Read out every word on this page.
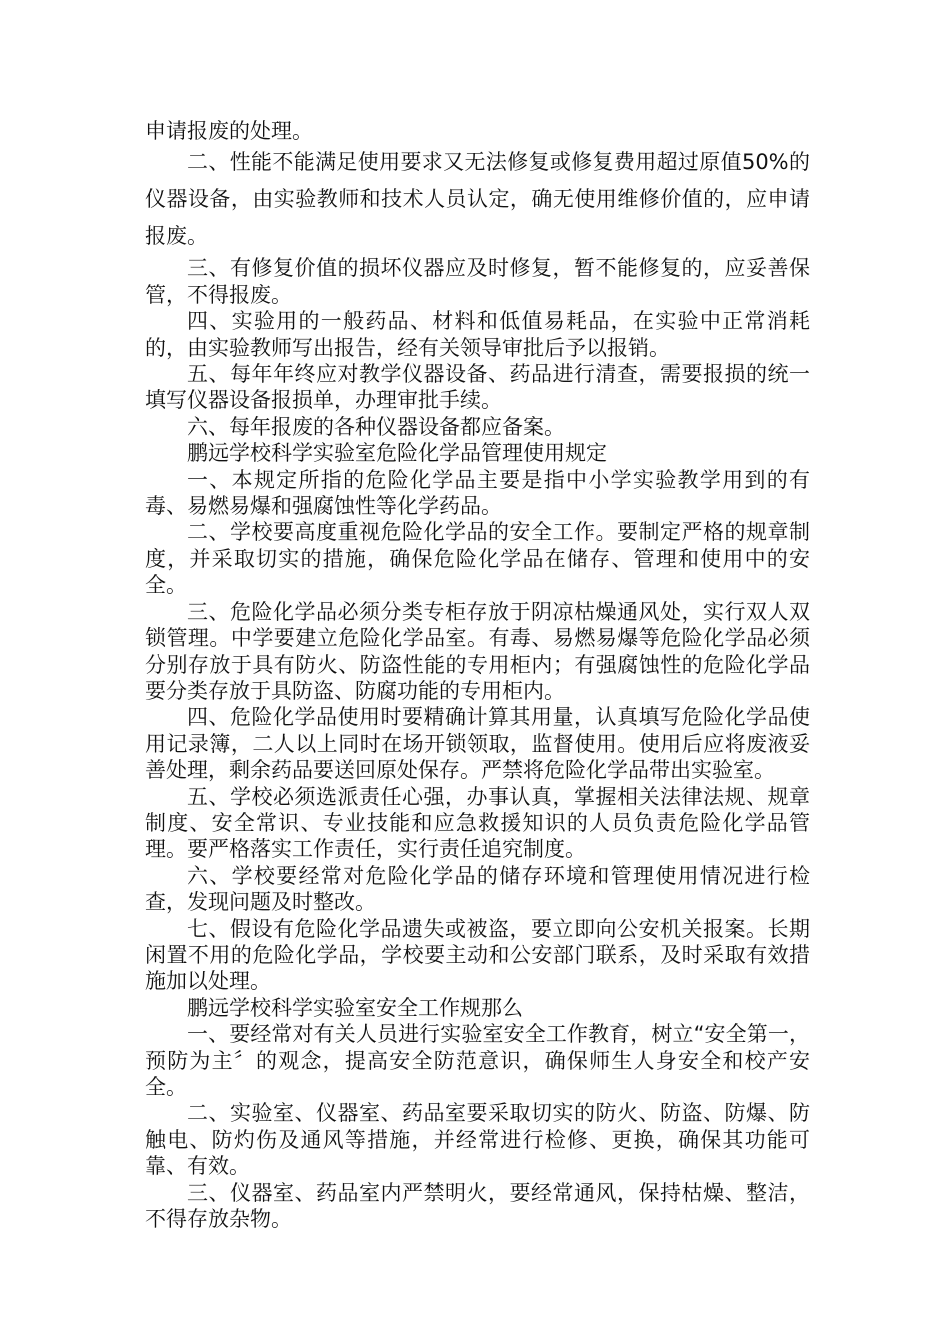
申请报废的处理。

二、性能不能满足使用要求又无法修复或修复费用超过原值50%的仪器设备，由实验教师和技术人员认定，确无使用维修价值的，应申请报废。

三、有修复价值的损坏仪器应及时修复，暂不能修复的，应妥善保管，不得报废。

四、实验用的一般药品、材料和低值易耗品，在实验中正常消耗的，由实验教师写出报告，经有关领导审批后予以报销。

五、每年年终应对教学仪器设备、药品进行清查，需要报损的统一填写仪器设备报损单，办理审批手续。

六、每年报废的各种仪器设备都应备案。

鹏远学校科学实验室危险化学品管理使用规定

一、本规定所指的危险化学品主要是指中小学实验教学用到的有毒、易燃易爆和强腐蚀性等化学药品。

二、学校要高度重视危险化学品的安全工作。要制定严格的规章制度，并采取切实的措施，确保危险化学品在储存、管理和使用中的安全。

三、危险化学品必须分类专柜存放于阴凉枯燥通风处，实行双人双锁管理。中学要建立危险化学品室。有毒、易燃易爆等危险化学品必须分别存放于具有防火、防盗性能的专用柜内；有强腐蚀性的危险化学品要分类存放于具防盗、防腐功能的专用柜内。

四、危险化学品使用时要精确计算其用量，认真填写危险化学品使用记录簿，二人以上同时在场开锁领取，监督使用。使用后应将废液妥善处理，剩余药品要送回原处保存。严禁将危险化学品带出实验室。

五、学校必须选派责任心强，办事认真，掌握相关法律法规、规章制度、安全常识、专业技能和应急救援知识的人员负责危险化学品管理。要严格落实工作责任，实行责任追究制度。

六、学校要经常对危险化学品的储存环境和管理使用情况进行检查，发现问题及时整改。

七、假设有危险化学品遗失或被盗，要立即向公安机关报案。长期闲置不用的危险化学品，学校要主动和公安部门联系，及时采取有效措施加以处理。

鹏远学校科学实验室安全工作规那么

一、要经常对有关人员进行实验室安全工作教育，树立“安全第一，预防为主〞的观念，提高安全防范意识，确保师生人身安全和校产安全。

二、实验室、仪器室、药品室要采取切实的防火、防盗、防爆、防触电、防灼伤及通风等措施，并经常进行检修、更换，确保其功能可靠、有效。

三、仪器室、药品室内严禁明火，要经常通风，保持枯燥、整洁，不得存放杂物。
